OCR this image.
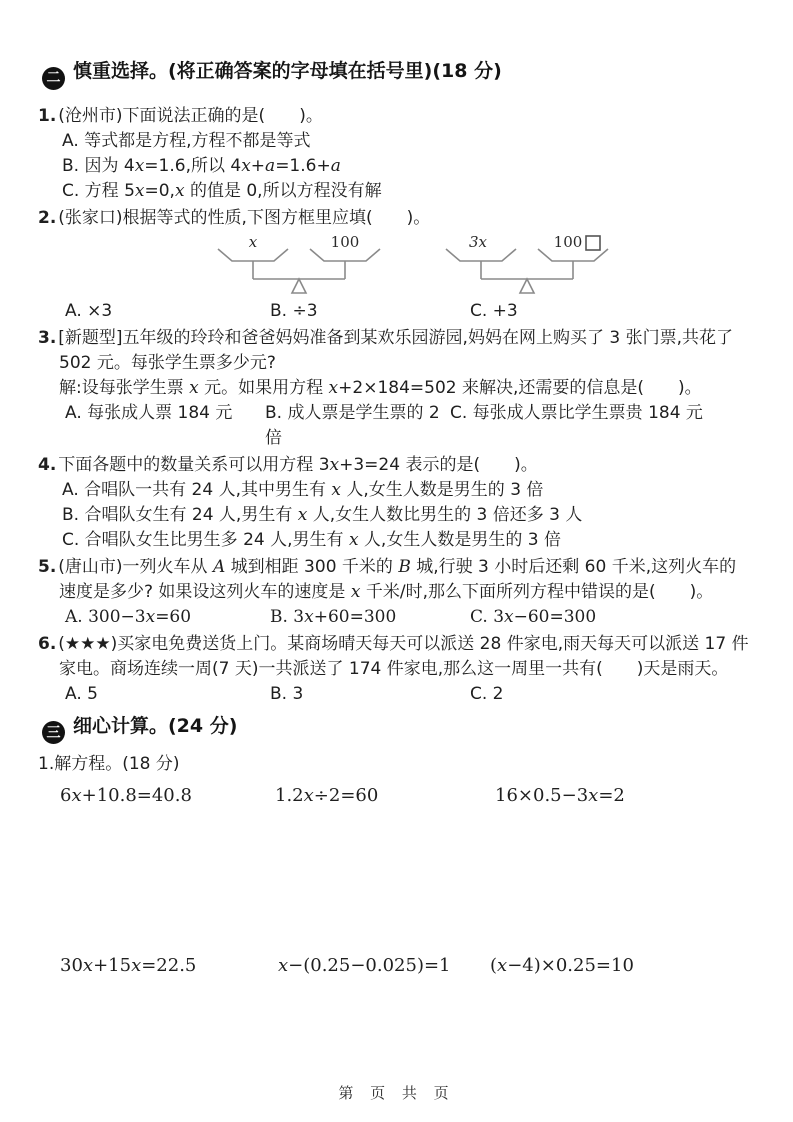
二 慎重选择。(将正确答案的字母填在括号里)(18 分)
1. (沧州市)下面说法正确的是(　　)。
A. 等式都是方程,方程不都是等式
B. 因为 4x=1.6,所以 4x+a=1.6+a
C. 方程 5x=0,x 的值是 0,所以方程没有解
2. (张家口)根据等式的性质,下图方框里应填(　　)。
x	100	3x	100
A. ×3	B. ÷3	C. +3
3. [新题型]五年级的玲玲和爸爸妈妈准备到某欢乐园游园,妈妈在网上购买了 3 张门票,共花了 502 元。每张学生票多少元?
解:设每张学生票 x 元。如果用方程 x+2×184=502 来解决,还需要的信息是(　　)。
A. 每张成人票 184 元	B. 成人票是学生票的 2 倍
C. 每张成人票比学生票贵 184 元
4. 下面各题中的数量关系可以用方程 3x+3=24 表示的是(　　)。
A. 合唱队一共有 24 人,其中男生有 x 人,女生人数是男生的 3 倍
B. 合唱队女生有 24 人,男生有 x 人,女生人数比男生的 3 倍还多 3 人
C. 合唱队女生比男生多 24 人,男生有 x 人,女生人数是男生的 3 倍
5. (唐山市)一列火车从 A 城到相距 300 千米的 B 城,行驶 3 小时后还剩 60 千米,这列火车的速度是多少? 如果设这列火车的速度是 x 千米/时,那么下面所列方程中错误的是(　　)。
A. 300−3x=60	B. 3x+60=300	C. 3x−60=300
6. (★★★)买家电免费送货上门。某商场晴天每天可以派送 28 件家电,雨天每天可以派送 17 件家电。商场连续一周(7 天)一共派送了 174 件家电,那么这一周里一共有(　　)天是雨天。
A. 5	B. 3	C. 2
三 细心计算。(24 分)
1.解方程。(18 分)
6x+10.8=40.8	1.2x÷2=60	16×0.5−3x=2
30x+15x=22.5	x−(0.25−0.025)=1	(x−4)×0.25=10
第 页 共 页
